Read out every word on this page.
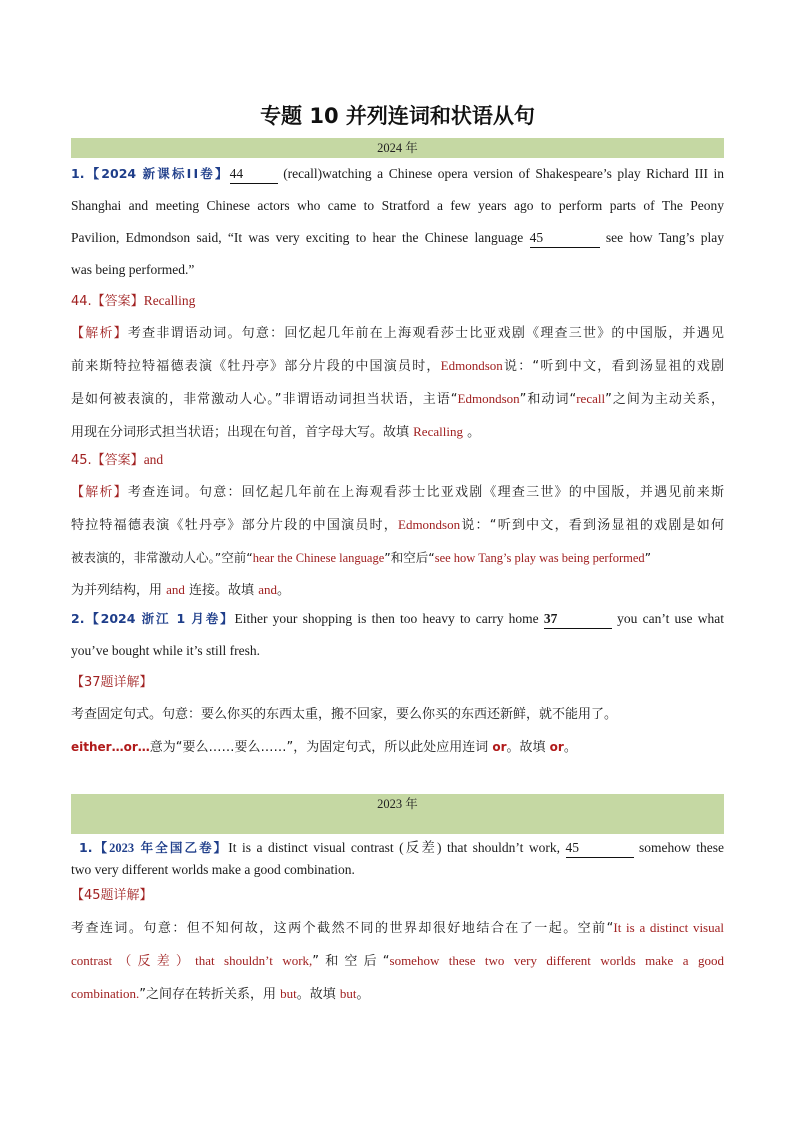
专题 10 并列连词和状语从句
2024 年
1.【2024 新课标ⅠⅠ卷】44	(recall)watching a Chinese opera version of Shakespeare’s play Richard III in
Shanghai and meeting Chinese actors who came to Stratford a few years ago to perform parts of The Peony
Pavilion, Edmondson said, “It was very exciting to hear the Chinese language 45	see how Tang’s play
was being performed.”
44.【答案】Recalling
【解析】考查非谓语动词。句意：回忆起几年前在上海观看莎士比亚戏剧《理查三世》的中国版，并遇见
前来斯特拉特福德表演《牡丹亭》部分片段的中国演员时，Edmondson说：“听到中文，看到汤显祖的戏剧
是如何被表演的，非常激动人心。”非谓语动词担当状语，主语“Edmondson”和动词“recall”之间为主动关系，
用现在分词形式担当状语；出现在句首，首字母大写。故填 Recalling 。
45.【答案】and
【解析】考查连词。句意：回忆起几年前在上海观看莎士比亚戏剧《理查三世》的中国版，并遇见前来斯
特拉特福德表演《牡丹亭》部分片段的中国演员时，Edmondson说：“听到中文，看到汤显祖的戏剧是如何
被表演的，非常激动人心。”空前“hear the Chinese language”和空后“see how Tang’s play was being performed”
为并列结构，用 and 连接。故填 and。
2.【2024 浙江 1 月卷】Either your shopping is then too heavy to carry home 37	you can’t use what
you’ve bought while it’s still fresh.
【37题详解】
考查固定句式。句意：要么你买的东西太重，搬不回家，要么你买的东西还新鲜，就不能用了。
either…or…意为“要么……要么……”，为固定句式，所以此处应用连词 or。故填 or。
2023 年
1.【2023 年全国乙卷】It is a distinct visual contrast (反差) that shouldn’t work, 45	somehow these
two very different worlds make a good combination.
【45题详解】
考查连词。句意：但不知何故，这两个截然不同的世界却很好地结合在了一起。空前“It is a distinct visual
contrast（反差）that shouldn’t work,”和空后“somehow these two very different worlds make a good
combination.”之间存在转折关系，用 but。故填 but。
